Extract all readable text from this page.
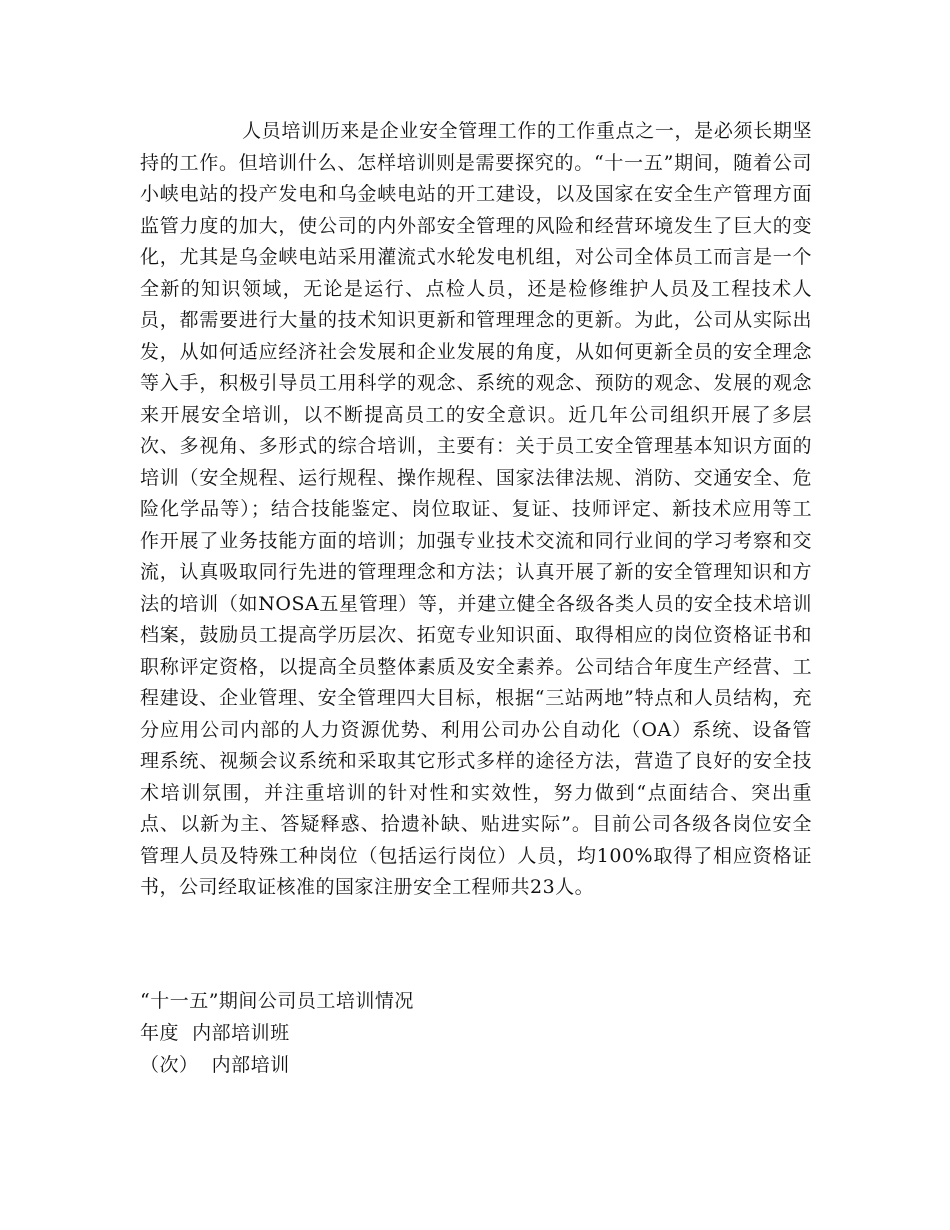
人员培训历来是企业安全管理工作的工作重点之一，是必须长期坚持的工作。但培训什么、怎样培训则是需要探究的。“十一五”期间，随着公司小峡电站的投产发电和乌金峡电站的开工建设，以及国家在安全生产管理方面监管力度的加大，使公司的内外部安全管理的风险和经营环境发生了巨大的变化，尤其是乌金峡电站采用灌流式水轮发电机组，对公司全体员工而言是一个全新的知识领域，无论是运行、点检人员，还是检修维护人员及工程技术人员，都需要进行大量的技术知识更新和管理理念的更新。为此，公司从实际出发，从如何适应经济社会发展和企业发展的角度，从如何更新全员的安全理念等入手，积极引导员工用科学的观念、系统的观念、预防的观念、发展的观念来开展安全培训，以不断提高员工的安全意识。近几年公司组织开展了多层次、多视角、多形式的综合培训，主要有：关于员工安全管理基本知识方面的培训（安全规程、运行规程、操作规程、国家法律法规、消防、交通安全、危险化学品等）；结合技能鉴定、岗位取证、复证、技师评定、新技术应用等工作开展了业务技能方面的培训；加强专业技术交流和同行业间的学习考察和交流，认真吸取同行先进的管理理念和方法；认真开展了新的安全管理知识和方法的培训（如NOSA五星管理）等，并建立健全各级各类人员的安全技术培训档案，鼓励员工提高学历层次、拓宽专业知识面、取得相应的岗位资格证书和职称评定资格，以提高全员整体素质及安全素养。公司结合年度生产经营、工程建设、企业管理、安全管理四大目标，根据“三站两地”特点和人员结构，充分应用公司内部的人力资源优势、利用公司办公自动化（OA）系统、设备管理系统、视频会议系统和采取其它形式多样的途径方法，营造了良好的安全技术培训氛围，并注重培训的针对性和实效性，努力做到“点面结合、突出重点、以新为主、答疑释惑、拾遗补缺、贴进实际”。目前公司各级各岗位安全管理人员及特殊工种岗位（包括运行岗位）人员，均100%取得了相应资格证书，公司经取证核准的国家注册安全工程师共23人。

“十一五”期间公司员工培训情况

年度  内部培训班

（次）  内部培训
